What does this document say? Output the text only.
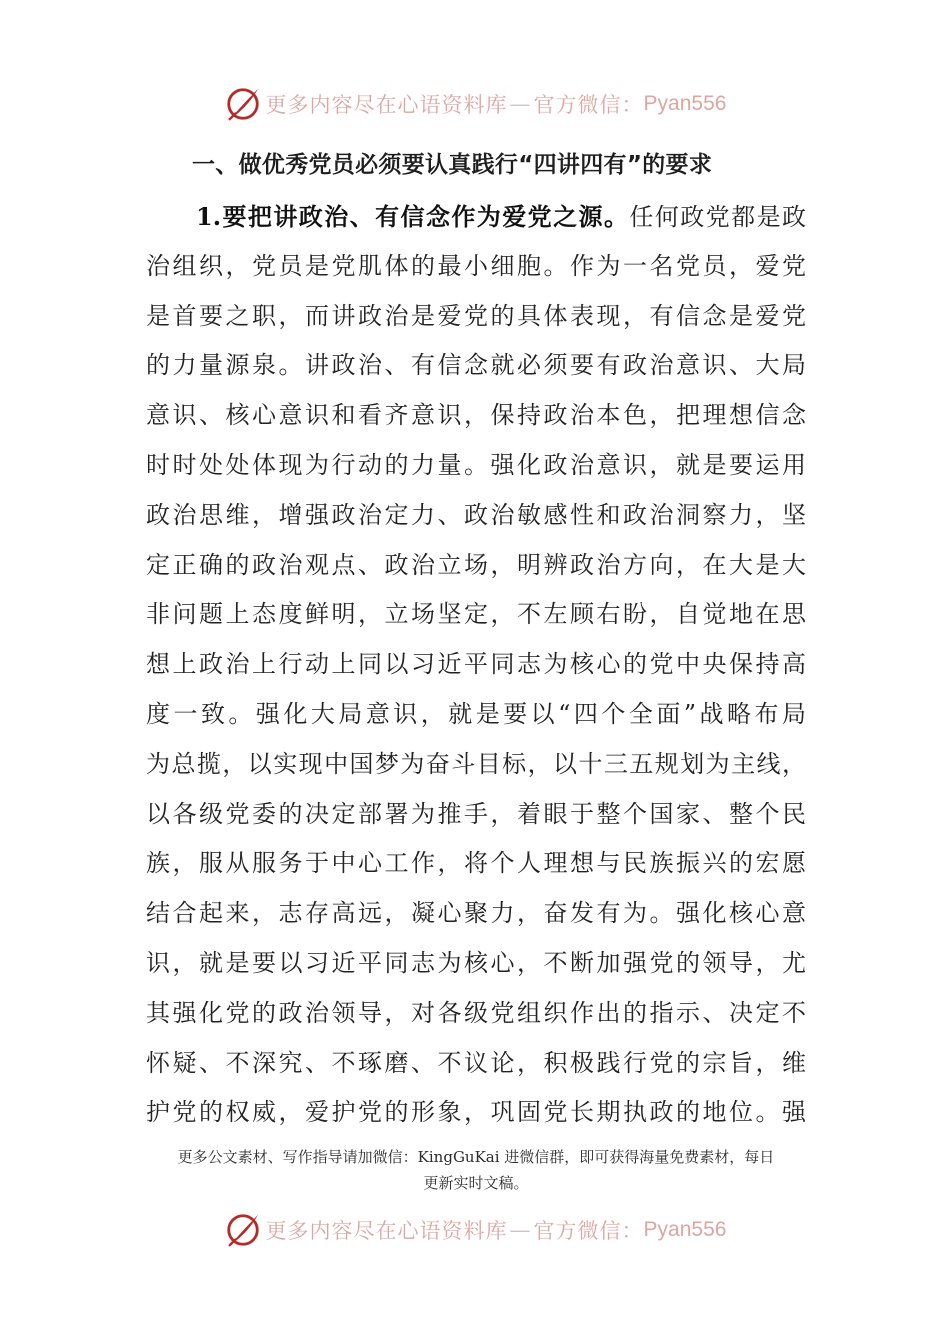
更多内容尽在心语资料库 — 官方微信： Pyan556
一、做优秀党员必须要认真践行“四讲四有”的要求
1.要把讲政治、有信念作为爱党之源。任何政党都是政
治组织，党员是党肌体的最小细胞。作为一名党员，爱党
是首要之职，而讲政治是爱党的具体表现，有信念是爱党
的力量源泉。讲政治、有信念就必须要有政治意识、大局
意识、核心意识和看齐意识，保持政治本色，把理想信念
时时处处体现为行动的力量。强化政治意识，就是要运用
政治思维，增强政治定力、政治敏感性和政治洞察力，坚
定正确的政治观点、政治立场，明辨政治方向，在大是大
非问题上态度鲜明，立场坚定，不左顾右盼，自觉地在思
想上政治上行动上同以习近平同志为核心的党中央保持高
度一致。强化大局意识，就是要以“四个全面”战略布局
为总揽，以实现中国梦为奋斗目标，以十三五规划为主线，
以各级党委的决定部署为推手，着眼于整个国家、整个民
族，服从服务于中心工作，将个人理想与民族振兴的宏愿
结合起来，志存高远，凝心聚力，奋发有为。强化核心意
识，就是要以习近平同志为核心，不断加强党的领导，尤
其强化党的政治领导，对各级党组织作出的指示、决定不
怀疑、不深究、不琢磨、不议论，积极践行党的宗旨，维
护党的权威，爱护党的形象，巩固党长期执政的地位。强
更多公文素材、写作指导请加微信：KingGuKai 进微信群，即可获得海量免费素材，每日
更新实时文稿。
更多内容尽在心语资料库 — 官方微信： Pyan556
